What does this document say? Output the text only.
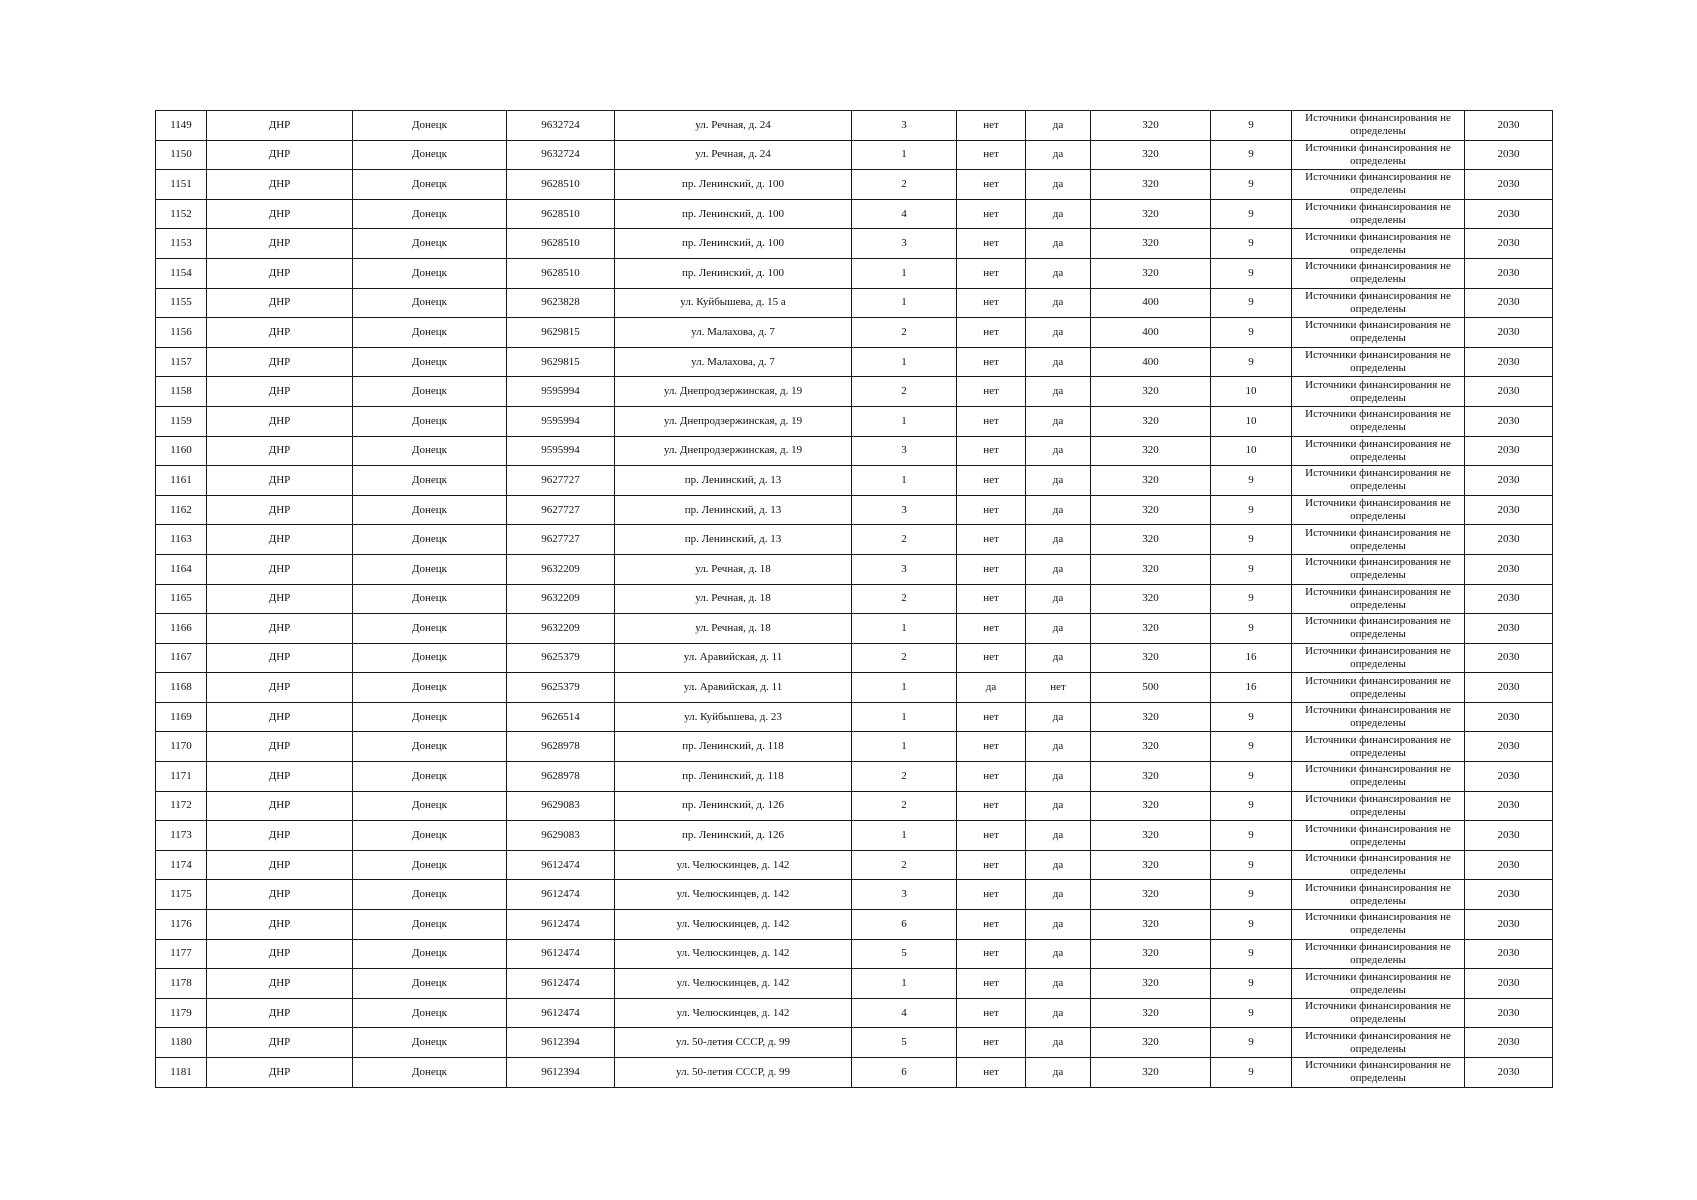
1149	ДНР	Донецк	9632724	ул. Речная, д. 24	3	нет	да	320	9	Источники финансирования не определены	2030
1150	ДНР	Донецк	9632724	ул. Речная, д. 24	1	нет	да	320	9	Источники финансирования не определены	2030
1151	ДНР	Донецк	9628510	пр. Ленинский, д. 100	2	нет	да	320	9	Источники финансирования не определены	2030
1152	ДНР	Донецк	9628510	пр. Ленинский, д. 100	4	нет	да	320	9	Источники финансирования не определены	2030
1153	ДНР	Донецк	9628510	пр. Ленинский, д. 100	3	нет	да	320	9	Источники финансирования не определены	2030
1154	ДНР	Донецк	9628510	пр. Ленинский, д. 100	1	нет	да	320	9	Источники финансирования не определены	2030
1155	ДНР	Донецк	9623828	ул. Куйбышева, д. 15 а	1	нет	да	400	9	Источники финансирования не определены	2030
1156	ДНР	Донецк	9629815	ул. Малахова, д. 7	2	нет	да	400	9	Источники финансирования не определены	2030
1157	ДНР	Донецк	9629815	ул. Малахова, д. 7	1	нет	да	400	9	Источники финансирования не определены	2030
1158	ДНР	Донецк	9595994	ул. Днепродзержинская, д. 19	2	нет	да	320	10	Источники финансирования не определены	2030
1159	ДНР	Донецк	9595994	ул. Днепродзержинская, д. 19	1	нет	да	320	10	Источники финансирования не определены	2030
1160	ДНР	Донецк	9595994	ул. Днепродзержинская, д. 19	3	нет	да	320	10	Источники финансирования не определены	2030
1161	ДНР	Донецк	9627727	пр. Ленинский, д. 13	1	нет	да	320	9	Источники финансирования не определены	2030
1162	ДНР	Донецк	9627727	пр. Ленинский, д. 13	3	нет	да	320	9	Источники финансирования не определены	2030
1163	ДНР	Донецк	9627727	пр. Ленинский, д. 13	2	нет	да	320	9	Источники финансирования не определены	2030
1164	ДНР	Донецк	9632209	ул. Речная, д. 18	3	нет	да	320	9	Источники финансирования не определены	2030
1165	ДНР	Донецк	9632209	ул. Речная, д. 18	2	нет	да	320	9	Источники финансирования не определены	2030
1166	ДНР	Донецк	9632209	ул. Речная, д. 18	1	нет	да	320	9	Источники финансирования не определены	2030
1167	ДНР	Донецк	9625379	ул. Аравийская, д. 11	2	нет	да	320	16	Источники финансирования не определены	2030
1168	ДНР	Донецк	9625379	ул. Аравийская, д. 11	1	да	нет	500	16	Источники финансирования не определены	2030
1169	ДНР	Донецк	9626514	ул. Куйбышева, д. 23	1	нет	да	320	9	Источники финансирования не определены	2030
1170	ДНР	Донецк	9628978	пр. Ленинский, д. 118	1	нет	да	320	9	Источники финансирования не определены	2030
1171	ДНР	Донецк	9628978	пр. Ленинский, д. 118	2	нет	да	320	9	Источники финансирования не определены	2030
1172	ДНР	Донецк	9629083	пр. Ленинский, д. 126	2	нет	да	320	9	Источники финансирования не определены	2030
1173	ДНР	Донецк	9629083	пр. Ленинский, д. 126	1	нет	да	320	9	Источники финансирования не определены	2030
1174	ДНР	Донецк	9612474	ул. Челюскинцев, д. 142	2	нет	да	320	9	Источники финансирования не определены	2030
1175	ДНР	Донецк	9612474	ул. Челюскинцев, д. 142	3	нет	да	320	9	Источники финансирования не определены	2030
1176	ДНР	Донецк	9612474	ул. Челюскинцев, д. 142	6	нет	да	320	9	Источники финансирования не определены	2030
1177	ДНР	Донецк	9612474	ул. Челюскинцев, д. 142	5	нет	да	320	9	Источники финансирования не определены	2030
1178	ДНР	Донецк	9612474	ул. Челюскинцев, д. 142	1	нет	да	320	9	Источники финансирования не определены	2030
1179	ДНР	Донецк	9612474	ул. Челюскинцев, д. 142	4	нет	да	320	9	Источники финансирования не определены	2030
1180	ДНР	Донецк	9612394	ул. 50-летия СССР, д. 99	5	нет	да	320	9	Источники финансирования не определены	2030
1181	ДНР	Донецк	9612394	ул. 50-летия СССР, д. 99	6	нет	да	320	9	Источники финансирования не определены	2030
